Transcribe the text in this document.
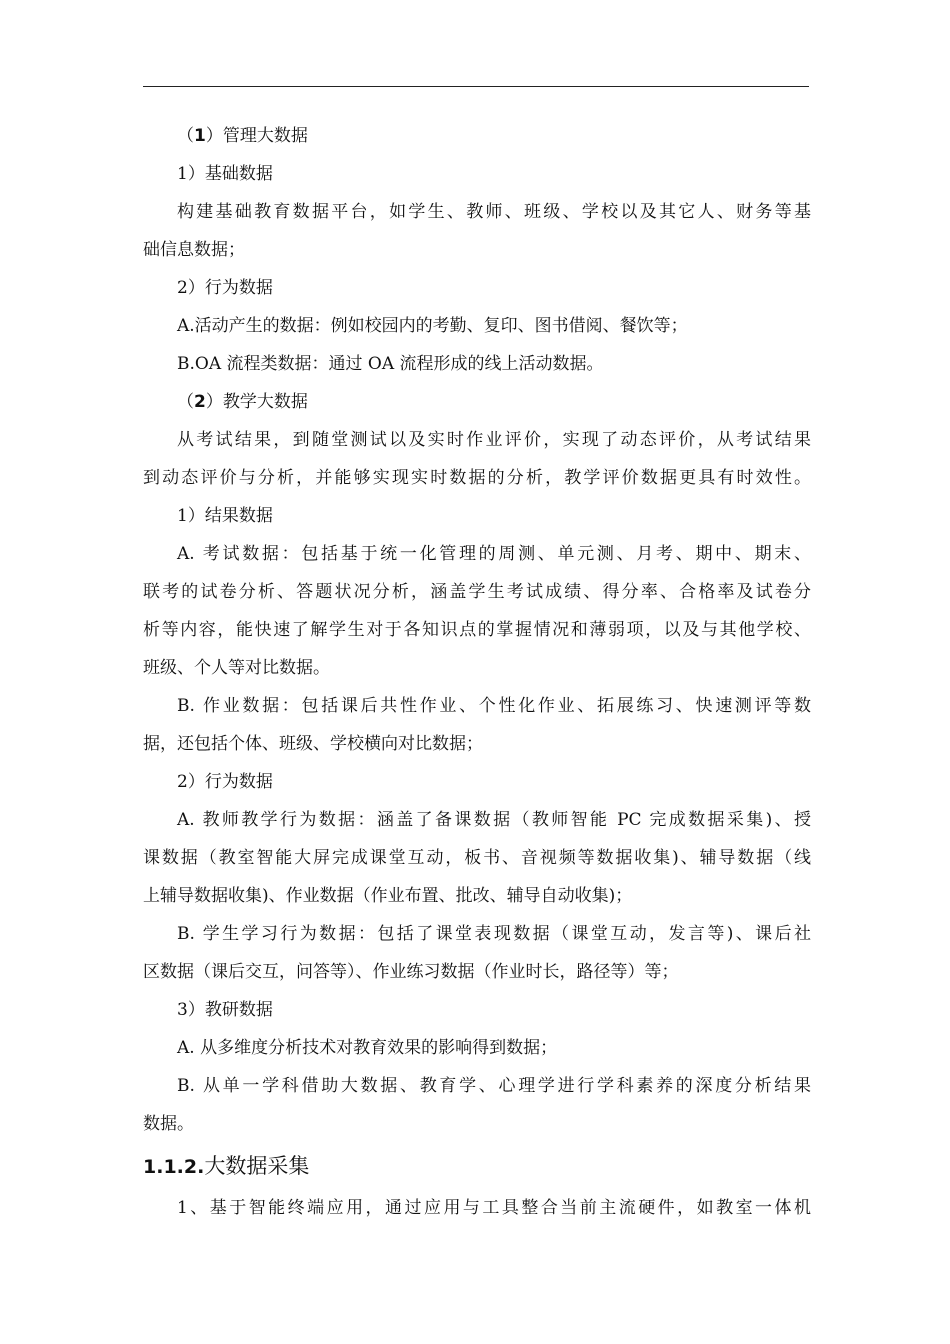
（1）管理大数据
1）基础数据
构建基础教育数据平台，如学生、教师、班级、学校以及其它人、财务等基
础信息数据；
2）行为数据
A.活动产生的数据：例如校园内的考勤、复印、图书借阅、餐饮等；
B.OA 流程类数据：通过 OA 流程形成的线上活动数据。
（2）教学大数据
从考试结果，到随堂测试以及实时作业评价，实现了动态评价，从考试结果
到动态评价与分析，并能够实现实时数据的分析，教学评价数据更具有时效性。
1）结果数据
A. 考试数据：包括基于统一化管理的周测、单元测、月考、期中、期末、
联考的试卷分析、答题状况分析，涵盖学生考试成绩、得分率、合格率及试卷分
析等内容，能快速了解学生对于各知识点的掌握情况和薄弱项，以及与其他学校、
班级、个人等对比数据。
B. 作业数据：包括课后共性作业、个性化作业、拓展练习、快速测评等数
据，还包括个体、班级、学校横向对比数据；
2）行为数据
A. 教师教学行为数据：涵盖了备课数据（教师智能 PC 完成数据采集)、授
课数据（教室智能大屏完成课堂互动，板书、音视频等数据收集)、辅导数据（线
上辅导数据收集)、作业数据（作业布置、批改、辅导自动收集)；
B. 学生学习行为数据：包括了课堂表现数据（课堂互动，发言等)、课后社
区数据（课后交互，问答等）、作业练习数据（作业时长，路径等）等；
3）教研数据
A. 从多维度分析技术对教育效果的影响得到数据；
B. 从单一学科借助大数据、教育学、心理学进行学科素养的深度分析结果
数据。
1.1.2.大数据采集
1、基于智能终端应用，通过应用与工具整合当前主流硬件，如教室一体机
